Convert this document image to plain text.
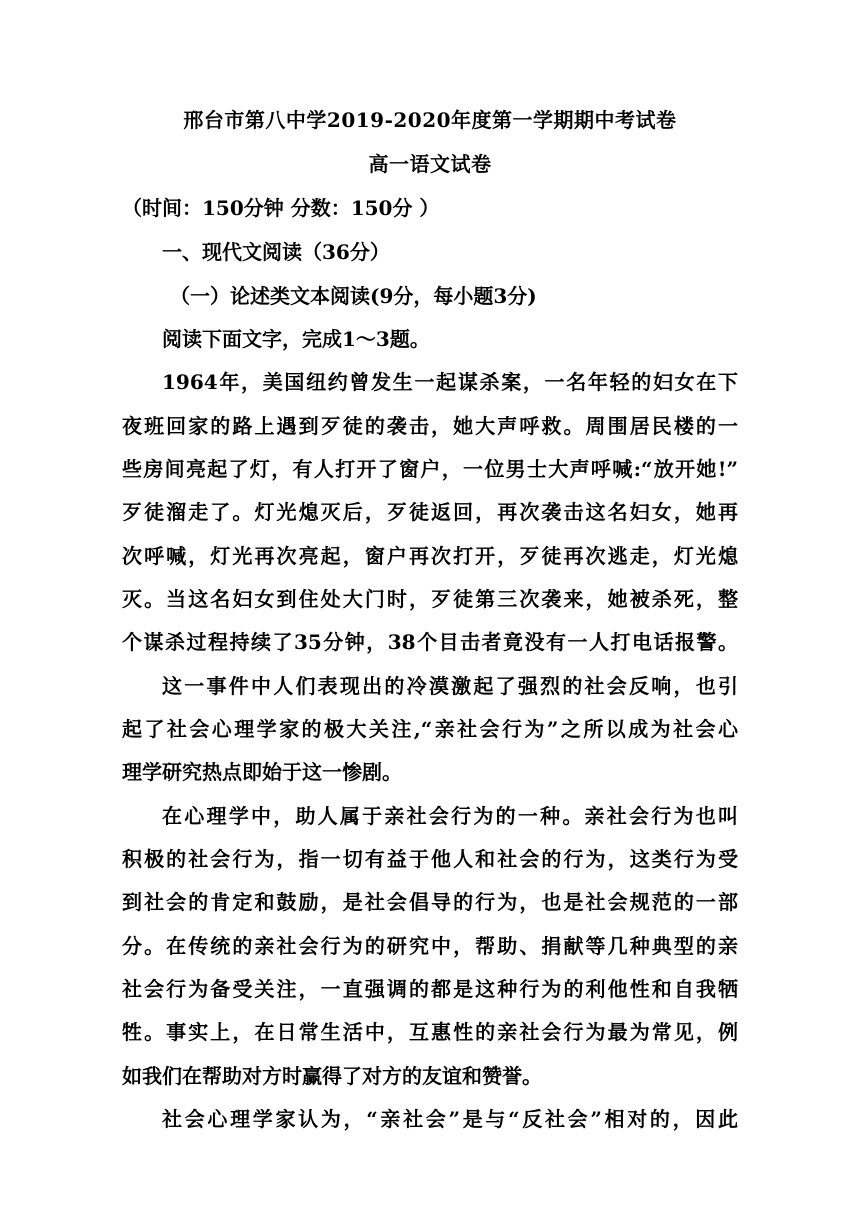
邢台市第八中学2019-2020年度第一学期期中考试卷
高一语文试卷
（时间：150分钟 分数：150分 ）
一、现代文阅读（36分）
（一）论述类文本阅读(9分，每小题3分)
阅读下面文字，完成1～3题。
1964年，美国纽约曾发生一起谋杀案，一名年轻的妇女在下
夜班回家的路上遇到歹徒的袭击，她大声呼救。周围居民楼的一
些房间亮起了灯，有人打开了窗户，一位男士大声呼喊:“放开她!”
歹徒溜走了。灯光熄灭后，歹徒返回，再次袭击这名妇女，她再
次呼喊，灯光再次亮起，窗户再次打开，歹徒再次逃走，灯光熄
灭。当这名妇女到住处大门时，歹徒第三次袭来，她被杀死，整
个谋杀过程持续了35分钟，38个目击者竟没有一人打电话报警。
这一事件中人们表现出的冷漠激起了强烈的社会反响，也引
起了社会心理学家的极大关注,“亲社会行为”之所以成为社会心
理学研究热点即始于这一惨剧。
在心理学中，助人属于亲社会行为的一种。亲社会行为也叫
积极的社会行为，指一切有益于他人和社会的行为，这类行为受
到社会的肯定和鼓励，是社会倡导的行为，也是社会规范的一部
分。在传统的亲社会行为的研究中，帮助、捐献等几种典型的亲
社会行为备受关注，一直强调的都是这种行为的利他性和自我牺
牲。事实上，在日常生活中，互惠性的亲社会行为最为常见，例
如我们在帮助对方时赢得了对方的友谊和赞誉。
社会心理学家认为，“亲社会”是与“反社会”相对的，因此
